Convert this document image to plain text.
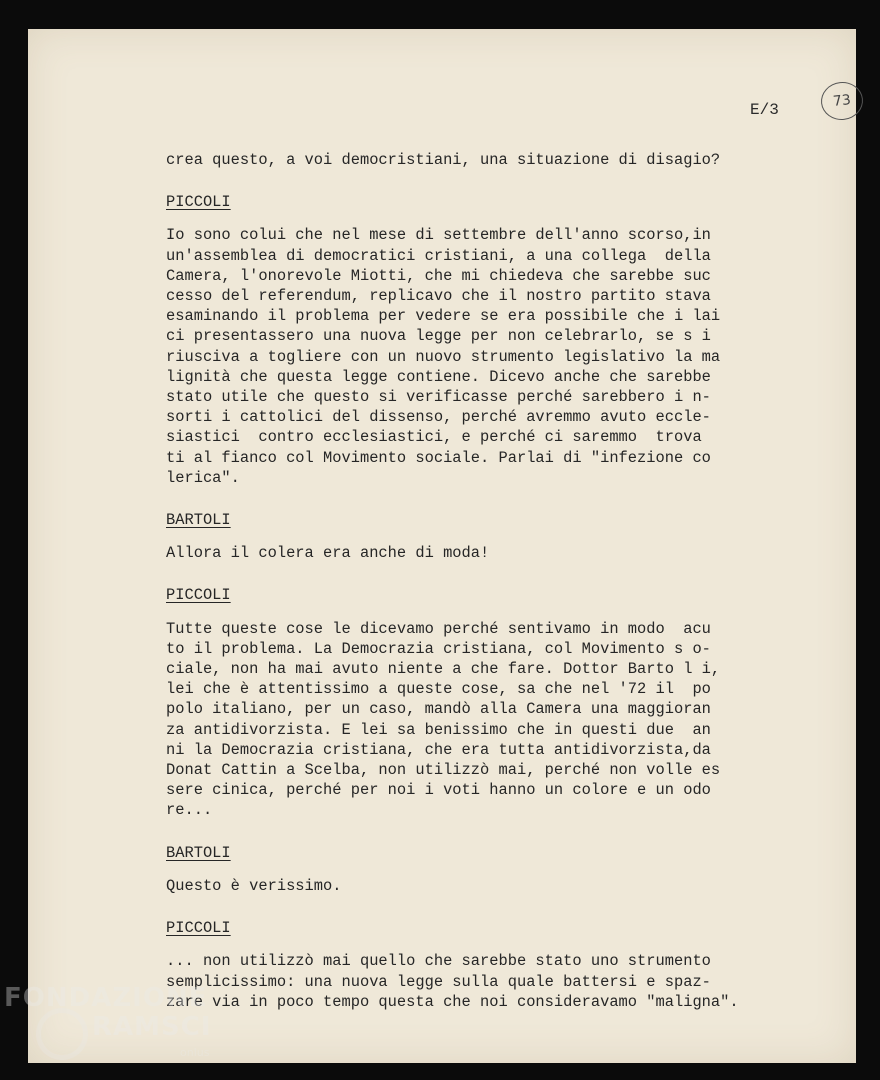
73
E/3
crea questo, a voi democristiani, una situazione di disagio?
PICCOLI
Io sono colui che nel mese di settembre dell'anno scorso,in
un'assemblea di democratici cristiani, a una collega  della
Camera, l'onorevole Miotti, che mi chiedeva che sarebbe suc
cesso del referendum, replicavo che il nostro partito stava
esaminando il problema per vedere se era possibile che i lai
ci presentassero una nuova legge per non celebrarlo, se s i
riusciva a togliere con un nuovo strumento legislativo la ma
lignità che questa legge contiene. Dicevo anche che sarebbe
stato utile che questo si verificasse perché sarebbero i n-
sorti i cattolici del dissenso, perché avremmo avuto eccle-
siastici  contro ecclesiastici, e perché ci saremmo  trova
ti al fianco col Movimento sociale. Parlai di "infezione co
lerica".
BARTOLI
Allora il colera era anche di moda!
PICCOLI
Tutte queste cose le dicevamo perché sentivamo in modo  acu
to il problema. La Democrazia cristiana, col Movimento s o-
ciale, non ha mai avuto niente a che fare. Dottor Barto l i,
lei che è attentissimo a queste cose, sa che nel '72 il  po
polo italiano, per un caso, mandò alla Camera una maggioran
za antidivorzista. E lei sa benissimo che in questi due  an
ni la Democrazia cristiana, che era tutta antidivorzista,da
Donat Cattin a Scelba, non utilizzò mai, perché non volle es
sere cinica, perché per noi i voti hanno un colore e un odo
re...
BARTOLI
Questo è verissimo.
PICCOLI
... non utilizzò mai quello che sarebbe stato uno strumento
semplicissimo: una nuova legge sulla quale battersi e spaz-
zare via in poco tempo questa che noi consideravamo "maligna".
FONDAZIONE
RAMSCI
onlus
